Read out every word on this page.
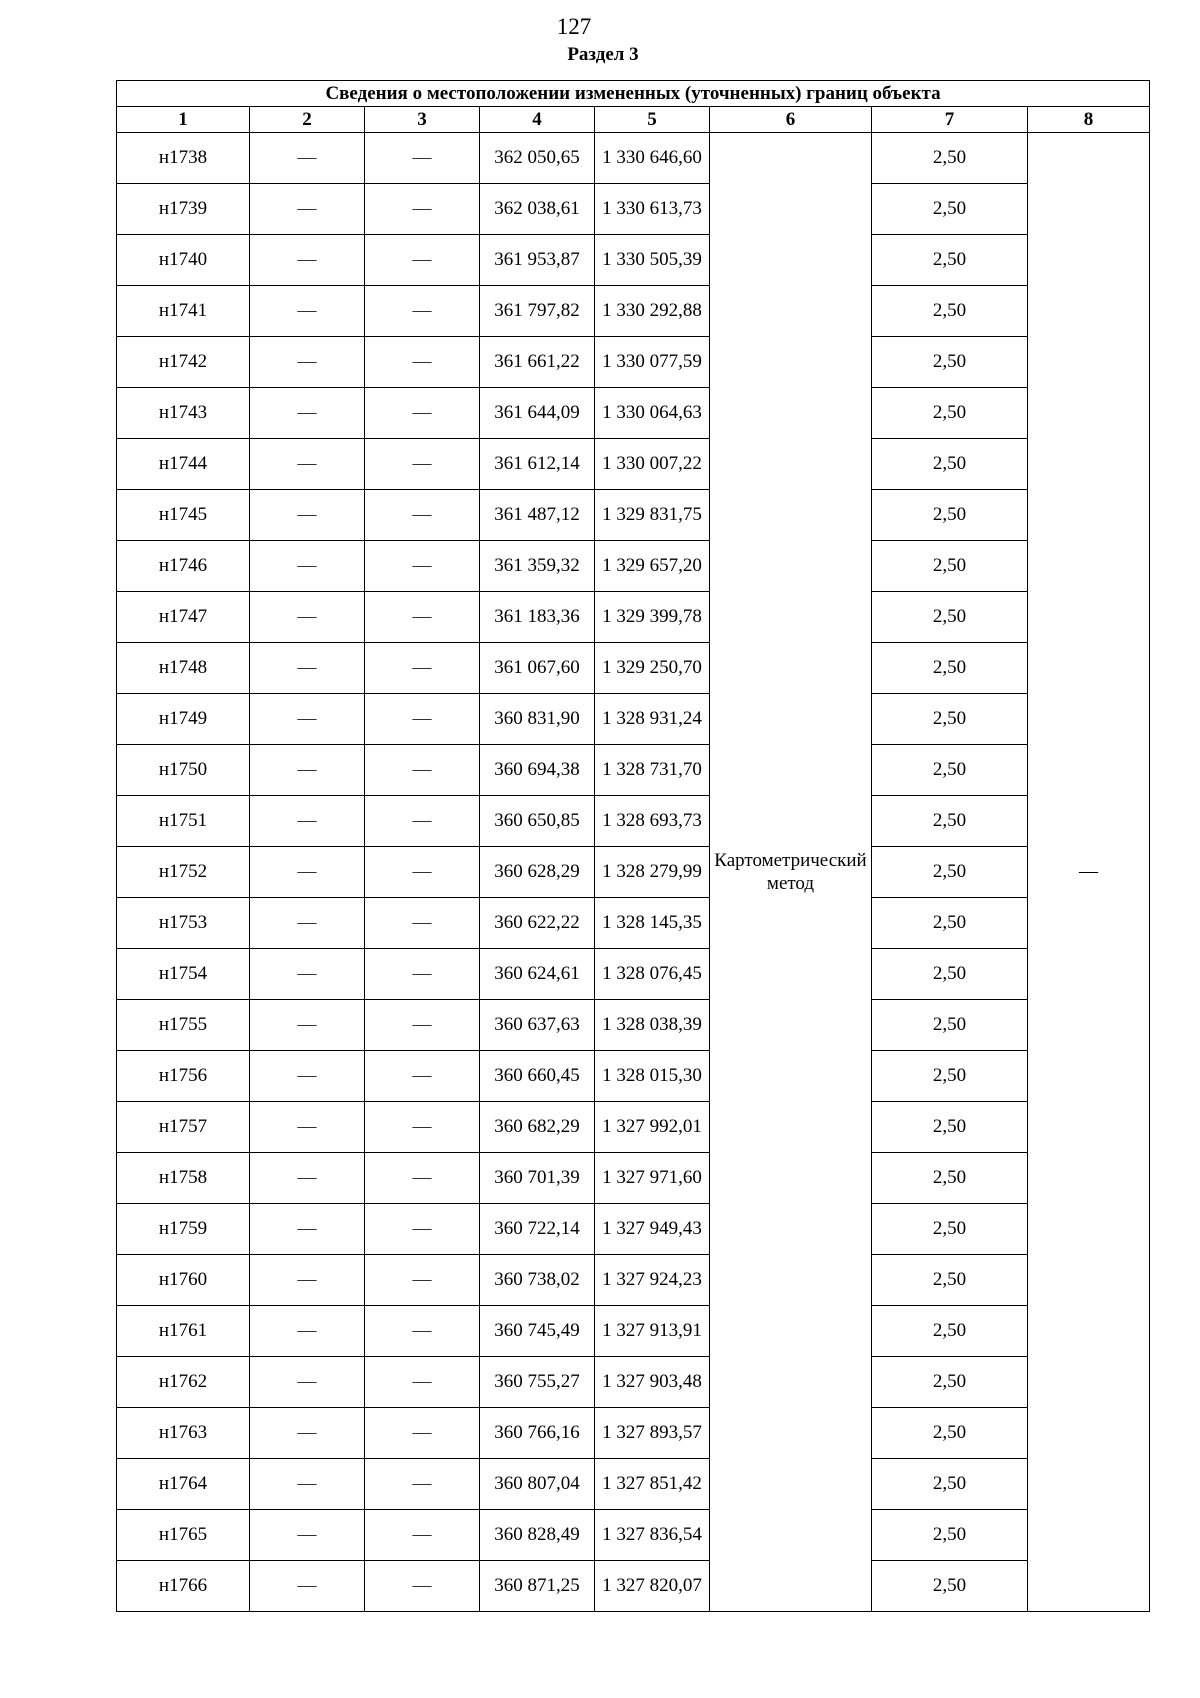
127
Раздел 3
Сведения о местоположении измененных (уточненных) границ объекта							
1	2	3	4	5	6	7	8
н1738	—	—	362 050,65	1 330 646,60	Картометрический метод	2,50	—
н1739	—	—	362 038,61	1 330 613,73		2,50	
н1740	—	—	361 953,87	1 330 505,39		2,50	
н1741	—	—	361 797,82	1 330 292,88		2,50	
н1742	—	—	361 661,22	1 330 077,59		2,50	
н1743	—	—	361 644,09	1 330 064,63		2,50	
н1744	—	—	361 612,14	1 330 007,22		2,50	
н1745	—	—	361 487,12	1 329 831,75		2,50	
н1746	—	—	361 359,32	1 329 657,20		2,50	
н1747	—	—	361 183,36	1 329 399,78		2,50	
н1748	—	—	361 067,60	1 329 250,70		2,50	
н1749	—	—	360 831,90	1 328 931,24		2,50	
н1750	—	—	360 694,38	1 328 731,70		2,50	
н1751	—	—	360 650,85	1 328 693,73		2,50	
н1752	—	—	360 628,29	1 328 279,99		2,50	
н1753	—	—	360 622,22	1 328 145,35		2,50	
н1754	—	—	360 624,61	1 328 076,45		2,50	
н1755	—	—	360 637,63	1 328 038,39		2,50	
н1756	—	—	360 660,45	1 328 015,30		2,50	
н1757	—	—	360 682,29	1 327 992,01		2,50	
н1758	—	—	360 701,39	1 327 971,60		2,50	
н1759	—	—	360 722,14	1 327 949,43		2,50	
н1760	—	—	360 738,02	1 327 924,23		2,50	
н1761	—	—	360 745,49	1 327 913,91		2,50	
н1762	—	—	360 755,27	1 327 903,48		2,50	
н1763	—	—	360 766,16	1 327 893,57		2,50	
н1764	—	—	360 807,04	1 327 851,42		2,50	
н1765	—	—	360 828,49	1 327 836,54		2,50	
н1766	—	—	360 871,25	1 327 820,07		2,50	
